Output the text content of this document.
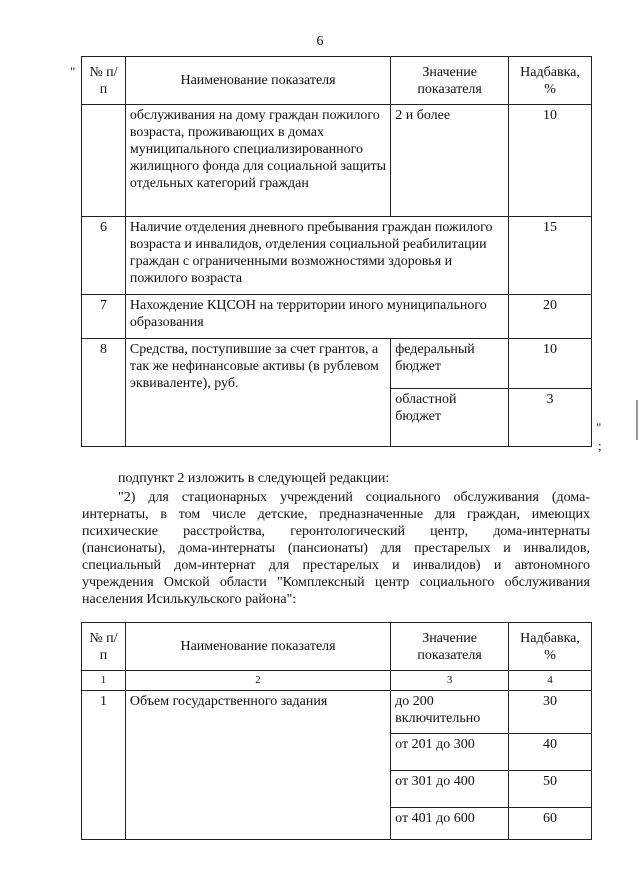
6
"
"
;
№ п/п	Наименование показателя	Значение показателя	Надбавка, %
	обслуживания на дому граждан пожилого возраста, проживающих в домах муниципального специализированного жилищного фонда для социальной защиты отдельных категорий граждан	2 и более	10
6	Наличие отделения дневного пребывания граждан пожилого возраста и инвалидов, отделения социальной реабилитации граждан с ограниченными возможностями здоровья и пожилого возраста		15
7	Нахождение КЦСОН на территории иного муниципального образования		20
8	Средства, поступившие за счет грантов, а так же нефинансовые активы (в рублевом эквиваленте), руб.	федеральный бюджет	10
		областной бюджет	3
подпункт 2 изложить в следующей редакции:
"2) для стационарных учреждений социального обслуживания (дома-интернаты, в том числе детские, предназначенные для граждан, имеющих психические расстройства, геронтологический центр, дома-интернаты (пансионаты), дома-интернаты (пансионаты) для престарелых и инвалидов, специальный дом-интернат для престарелых и инвалидов) и автономного учреждения Омской области "Комплексный центр социального обслуживания населения Исилькульского района":
№ п/п	Наименование показателя	Значение показателя	Надбавка, %
1	2	3	4
1	Объем государственного задания	до 200 включительно	30
		от 201 до 300	40
		от 301 до 400	50
		от 401 до 600	60
